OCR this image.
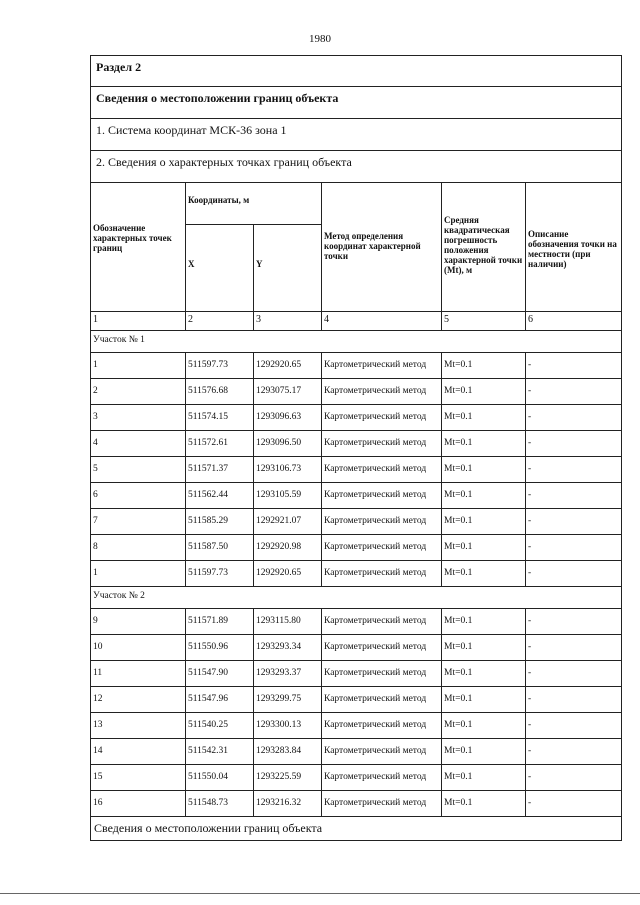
1980
Раздел 2
Сведения о местоположении границ объекта
1. Система координат МСК-36 зона 1
2. Сведения о характерных точках границ объекта
Обозначение характерных точек границ
Координаты, м
X	Y
Метод определения координат характерной точки
Средняя квадратическая погрешность положения характерной точки (Mt), м
Описание обозначения точки на местности (при наличии)
1	2	3	4	5	6
Участок № 1
1	511597.73	1292920.65	Картометрический метод	Mt=0.1	-
2	511576.68	1293075.17	Картометрический метод	Mt=0.1	-
3	511574.15	1293096.63	Картометрический метод	Mt=0.1	-
4	511572.61	1293096.50	Картометрический метод	Mt=0.1	-
5	511571.37	1293106.73	Картометрический метод	Mt=0.1	-
6	511562.44	1293105.59	Картометрический метод	Mt=0.1	-
7	511585.29	1292921.07	Картометрический метод	Mt=0.1	-
8	511587.50	1292920.98	Картометрический метод	Mt=0.1	-
1	511597.73	1292920.65	Картометрический метод	Mt=0.1	-
Участок № 2
9	511571.89	1293115.80	Картометрический метод	Mt=0.1	-
10	511550.96	1293293.34	Картометрический метод	Mt=0.1	-
11	511547.90	1293293.37	Картометрический метод	Mt=0.1	-
12	511547.96	1293299.75	Картометрический метод	Mt=0.1	-
13	511540.25	1293300.13	Картометрический метод	Mt=0.1	-
14	511542.31	1293283.84	Картометрический метод	Mt=0.1	-
15	511550.04	1293225.59	Картометрический метод	Mt=0.1	-
16	511548.73	1293216.32	Картометрический метод	Mt=0.1	-
Сведения о местоположении границ объекта
